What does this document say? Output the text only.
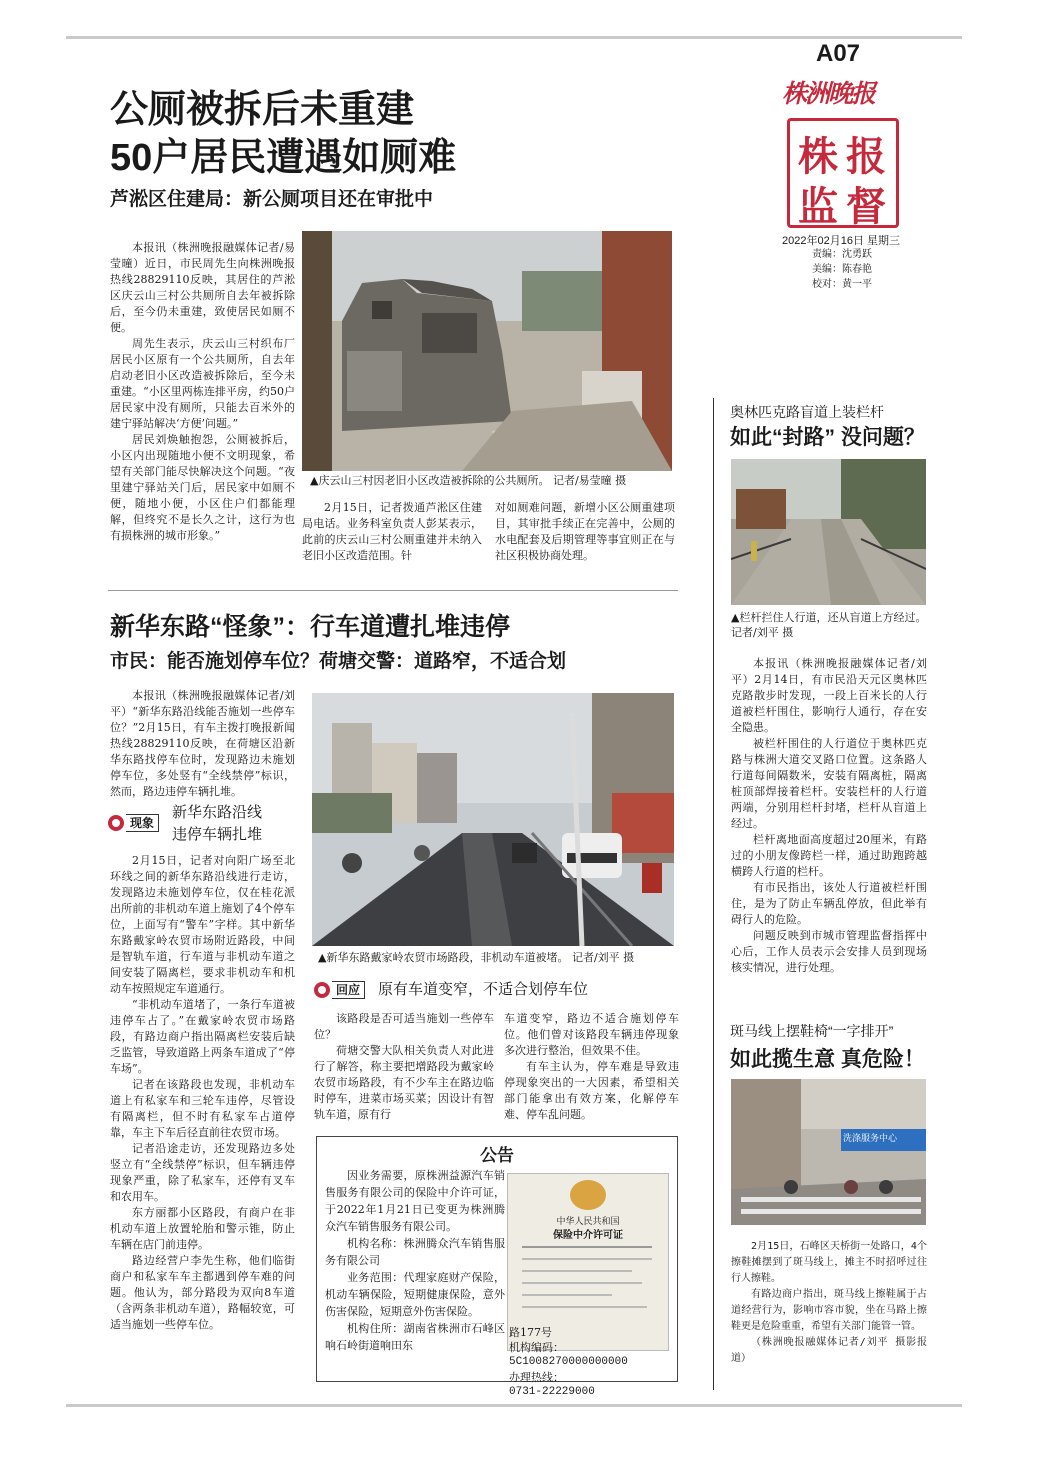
A07
株洲晚报
株 报
监 督
2022年02月16日 星期三
责编：沈勇跃
美编：陈春艳
校对：黄一平
公厕被拆后未重建
50户居民遭遇如厕难
芦淞区住建局：新公厕项目还在审批中

本报讯（株洲晚报融媒体记者/易莹曈）近日，市民周先生向株洲晚报热线28829110反映，其居住的芦淞区庆云山三村公共厕所自去年被拆除后，至今仍未重建，致使居民如厕不便。

周先生表示，庆云山三村织布厂居民小区原有一个公共厕所，自去年启动老旧小区改造被拆除后，至今未重建。“小区里两栋连排平房，约50户居民家中没有厕所，只能去百米外的建宁驿站解决‘方便’问题。”

居民刘焕触抱怨，公厕被拆后，小区内出现随地小便不文明现象，希望有关部门能尽快解决这个问题。“夜里建宁驿站关门后，居民家中如厕不便，随地小便，小区住户们都能理解，但终究不是长久之计，这行为也有损株洲的城市形象。”

▲庆云山三村因老旧小区改造被拆除的公共厕所。 记者/易莹曈 摄

2月15日，记者拨通芦淞区住建局电话。业务科室负责人彭某表示，此前的庆云山三村公厕重建并未纳入老旧小区改造范围。针

对如厕难问题，新增小区公厕重建项目，其审批手续正在完善中，公厕的水电配套及后期管理等事宜则正在与社区积极协商处理。

新华东路“怪象”：行车道遭扎堆违停
市民：能否施划停车位？荷塘交警：道路窄，不适合划

本报讯（株洲晚报融媒体记者/刘平）“新华东路沿线能否施划一些停车位？”2月15日，有车主拨打晚报新闻热线28829110反映，在荷塘区沿新华东路找停车位时，发现路边未施划停车位，多处竖有“全线禁停”标识，然而，路边违停车辆扎堆。

现象
新华东路沿线
违停车辆扎堆

2月15日，记者对向阳广场至北环线之间的新华东路沿线进行走访，发现路边未施划停车位，仅在桂花派出所前的非机动车道上施划了4个停车位，上面写有“警车”字样。其中新华东路戴家岭农贸市场附近路段，中间是智轨车道，行车道与非机动车道之间安装了隔离栏，要求非机动车和机动车按照规定车道通行。

“非机动车道堵了，一条行车道被违停车占了。”在戴家岭农贸市场路段，有路边商户指出隔离栏安装后缺乏监管，导致道路上两条车道成了“停车场”。

记者在该路段也发现，非机动车道上有私家车和三轮车违停，尽管设有隔离栏，但不时有私家车占道停靠，车主下车后径直前往农贸市场。

记者沿途走访，还发现路边多处竖立有“全线禁停”标识，但车辆违停现象严重，除了私家车，还停有叉车和农用车。

东方丽都小区路段，有商户在非机动车道上放置轮胎和警示锥，防止车辆在店门前违停。

路边经营户李先生称，他们临街商户和私家车车主都遇到停车难的问题。他认为，部分路段为双向8车道（含两条非机动车道），路幅较宽，可适当施划一些停车位。

▲新华东路戴家岭农贸市场路段，非机动车道被堵。 记者/刘平 摄
回应	原有车道变窄，不适合划停车位

该路段是否可适当施划一些停车位？

荷塘交警大队相关负责人对此进行了解答，称主要把增路段为戴家岭农贸市场路段，有不少车主在路边临时停车，进菜市场买菜；因设计有智轨车道，原有行

车道变窄，路边不适合施划停车位。他们曾对该路段车辆违停现象多次进行整治，但效果不佳。

有车主认为，停车难是导致违停现象突出的一大因素，希望相关部门能拿出有效方案，化解停车难、停车乱问题。

公告

因业务需要，原株洲益源汽车销售服务有限公司的保险中介许可证，于2022年1月21日已变更为株洲腾众汽车销售服务有限公司。

机构名称：株洲腾众汽车销售服务有限公司

业务范围：代理家庭财产保险，机动车辆保险，短期健康保险，意外伤害保险，短期意外伤害保险。

机构住所：湖南省株洲市石峰区响石岭街道响田东

中华人民共和国
保险中介许可证
路177号
机构编码：
5C1008270000000000
办理热线：
0731-22229000
奥林匹克路盲道上装栏杆
如此“封路” 没问题？
▲栏杆拦住人行道，还从盲道上方经过。 记者/刘平 摄

本报讯（株洲晚报融媒体记者/刘平）2月14日，有市民沿天元区奥林匹克路散步时发现，一段上百米长的人行道被栏杆围住，影响行人通行，存在安全隐患。

被栏杆围住的人行道位于奥林匹克路与株洲大道交叉路口位置。这条路人行道每间隔数米，安装有隔离桩，隔离桩顶部焊接着栏杆。安装栏杆的人行道两端，分别用栏杆封堵，栏杆从盲道上经过。

栏杆离地面高度超过20厘米，有路过的小朋友像跨栏一样，通过助跑跨越横跨人行道的栏杆。

有市民指出，该处人行道被栏杆围住，是为了防止车辆乱停放，但此举有碍行人的危险。

问题反映到市城市管理监督指挥中心后，工作人员表示会安排人员到现场核实情况，进行处理。

斑马线上摆鞋椅“一字排开”
如此揽生意 真危险！
洗涤服务中心

2月15日，石峰区天桥街一处路口，4个擦鞋摊摆到了斑马线上，摊主不时招呼过往行人擦鞋。

有路边商户指出，斑马线上擦鞋属于占道经营行为，影响市容市貌，坐在马路上擦鞋更是危险重重，希望有关部门能管一管。

（株洲晚报融媒体记者/刘平 摄影报道）
